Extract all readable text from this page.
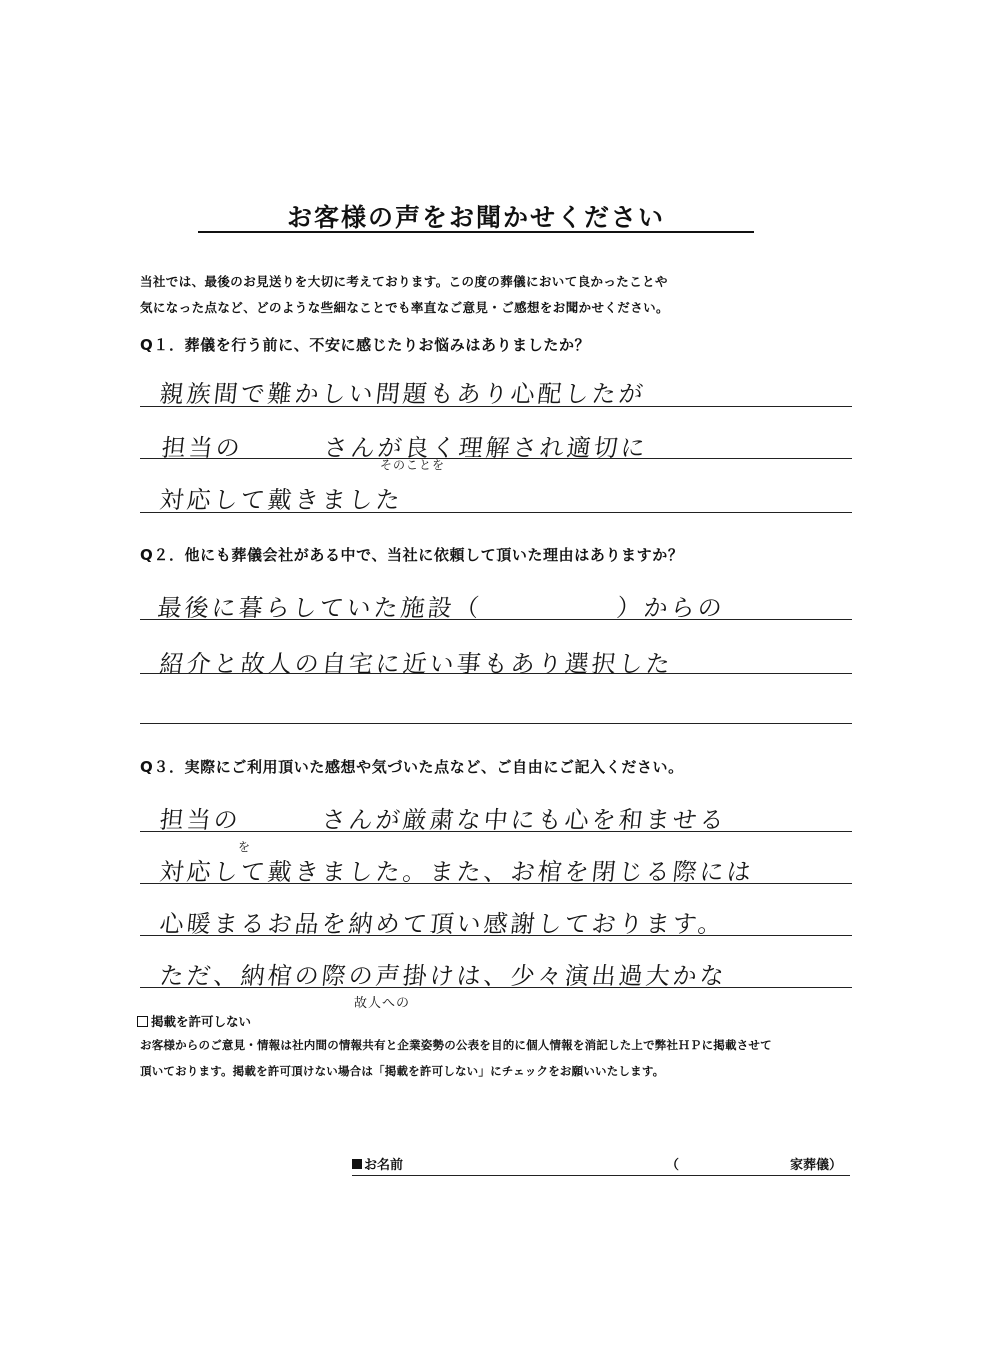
お客様の声をお聞かせください
当社では、最後のお見送りを大切に考えております。この度の葬儀において良かったことや
気になった点など、どのような些細なことでも率直なご意見・ご感想をお聞かせください。
Q１．葬儀を行う前に、不安に感じたりお悩みはありましたか？
親族間で難かしい問題もあり心配したが
担当の　　　さんが良く理解され適切に
そのことを
対応して戴きました
Q２．他にも葬儀会社がある中で、当社に依頼して頂いた理由はありますか？
最後に暮らしていた施設（　　　　　）からの
紹介と故人の自宅に近い事もあり選択した
Q３．実際にご利用頂いた感想や気づいた点など、ご自由にご記入ください。
担当の　　　さんが厳粛な中にも心を和ませる
を
対応して戴きました。また、お棺を閉じる際には
心暖まるお品を納めて頂い感謝しております。
ただ、納棺の際の声掛けは、少々演出過大かな
故人への
掲載を許可しない
お客様からのご意見・情報は社内間の情報共有と企業姿勢の公表を目的に個人情報を消記した上で弊社ＨＰに掲載させて
頂いております。掲載を許可頂けない場合は「掲載を許可しない」にチェックをお願いいたします。
お名前	（	家葬儀）
